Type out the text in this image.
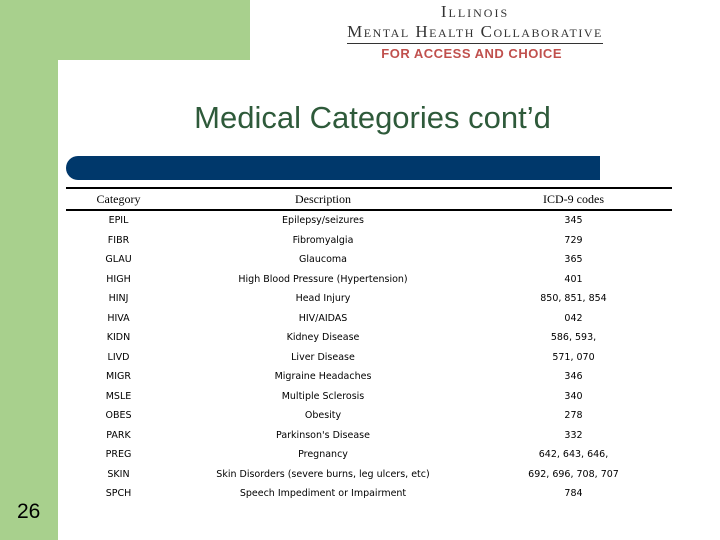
Illinois
Mental Health Collaborative
FOR ACCESS AND CHOICE
Medical Categories cont’d
Category	Description	ICD-9 codes
EPIL	Epilepsy/seizures	345
FIBR	Fibromyalgia	729
GLAU	Glaucoma	365
HIGH	High Blood Pressure (Hypertension)	401
HINJ	Head Injury	850, 851, 854
HIVA	HIV/AIDAS	042
KIDN	Kidney Disease	586, 593,
LIVD	Liver Disease	571, 070
MIGR	Migraine Headaches	346
MSLE	Multiple Sclerosis	340
OBES	Obesity	278
PARK	Parkinson's Disease	332
PREG	Pregnancy	642, 643, 646,
SKIN	Skin Disorders (severe burns, leg ulcers, etc)	692, 696, 708, 707
SPCH	Speech Impediment or Impairment	784
26
